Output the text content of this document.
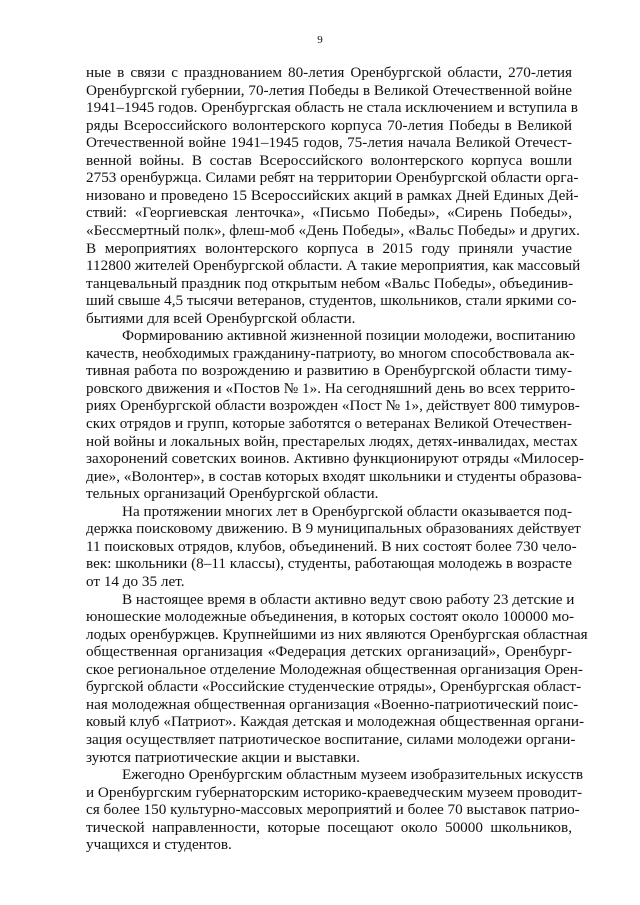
9
ные в связи с празднованием 80-летия Оренбургской области, 270-летия
Оренбургской губернии, 70-летия Победы в Великой Отечественной войне
1941–1945 годов. Оренбургская область не стала исключением и вступила в
ряды Всероссийского волонтерского корпуса 70-летия Победы в Великой
Отечественной войне 1941–1945 годов, 75-летия начала Великой Отечест-
венной войны. В состав Всероссийского волонтерского корпуса вошли
2753 оренбуржца. Силами ребят на территории Оренбургской области орга-
низовано и проведено 15 Всероссийских акций в рамках Дней Единых Дей-
ствий: «Георгиевская ленточка», «Письмо Победы», «Сирень Победы»,
«Бессмертный полк», флеш-моб «День Победы», «Вальс Победы» и других.
В мероприятиях волонтерского корпуса в 2015 году приняли участие
112800 жителей Оренбургской области. А такие мероприятия, как массовый
танцевальный праздник под открытым небом «Вальс Победы», объединив-
ший свыше 4,5 тысячи ветеранов, студентов, школьников, стали яркими со-
бытиями для всей Оренбургской области.
Формированию активной жизненной позиции молодежи, воспитанию
качеств, необходимых гражданину-патриоту, во многом способствовала ак-
тивная работа по возрождению и развитию в Оренбургской области тиму-
ровского движения и «Постов № 1». На сегодняшний день во всех террито-
риях Оренбургской области возрожден «Пост № 1», действует 800 тимуров-
ских отрядов и групп, которые заботятся о ветеранах Великой Отечествен-
ной войны и локальных войн, престарелых людях, детях-инвалидах, местах
захоронений советских воинов. Активно функционируют отряды «Милосер-
дие», «Волонтер», в состав которых входят школьники и студенты образова-
тельных организаций Оренбургской области.
На протяжении многих лет в Оренбургской области оказывается под-
держка поисковому движению. В 9 муниципальных образованиях действует
11 поисковых отрядов, клубов, объединений. В них состоят более 730 чело-
век: школьники (8–11 классы), студенты, работающая молодежь в возрасте
от 14 до 35 лет.
В настоящее время в области активно ведут свою работу 23 детские и
юношеские молодежные объединения, в которых состоят около 100000 мо-
лодых оренбуржцев. Крупнейшими из них являются Оренбургская областная
общественная организация «Федерация детских организаций», Оренбург-
ское региональное отделение Молодежная общественная организация Орен-
бургской области «Российские студенческие отряды», Оренбургская област-
ная молодежная общественная организация «Военно-патриотический поис-
ковый клуб «Патриот». Каждая детская и молодежная общественная органи-
зация осуществляет патриотическое воспитание, силами молодежи органи-
зуются патриотические акции и выставки.
Ежегодно Оренбургским областным музеем изобразительных искусств
и Оренбургским губернаторским историко-краеведческим музеем проводит-
ся более 150 культурно-массовых мероприятий и более 70 выставок патрио-
тической направленности, которые посещают около 50000 школьников,
учащихся и студентов.
